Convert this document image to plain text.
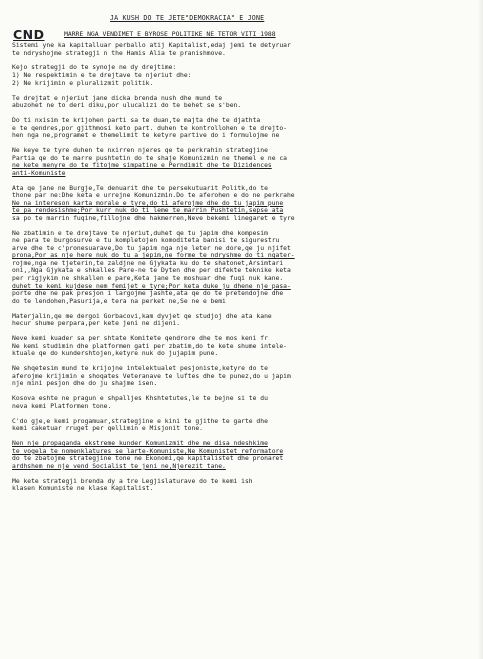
JA KUSH DO TE JETE"DEMOKRACIA" E JONE
CND	MARRE NGA VENDIMET E BYROSE POLITIKE NE TETOR VITI 1988
Sistemi yne ka kapitalluar perballo atij Kapitalist,edaj jemi te detyruar
te ndryshojme strategji n the Hamis Alia te pranishmove.
Kejo strategji do te synoje ne dy drejtime:
1) Ne respektimin e te drejtave te njeriut dhe:
2) Ne krijimin e pluralizmit politik.
Te drejtat e njeriut jane dicka brenda nush dhe mund te
abuzohet ne to deri diku,por ulucalizi do te behet se s'ben.
Do ti nxisim te krijohen parti sa te duan,te majta dhe te djathta
e te qendres,por gjithmosi keto part. duhen te kontrollohen e te drejto-
hen nga ne,programet e themelimit te ketyre partive do i formulojme ne
Ne keye te tyre duhen te nxirren njeres qe te perkrahin strategjine
Partia qe do te marre pushtetin do te shaje Komunizmin ne themel e ne ca
ne kete menyre do te fitojme simpatine e Perndimit dhe te Dizidences
anti-Komuniste
Ata qe jane ne Burgje,Te denuarit dhe te persekutuarit Politk,do te
thone par ne:Dhe keta e urrejne Komunizmin.Do te aferohen e do ne perkrahe
Ne na intereson karta morale e tyre,do ti aferojme dhe do tu japim pune
te pa rendesishme;Por kurr nuk do ti leme te marrin Pushtetin,sepse ata
sa po te marrin fuqine,fillojne dhe hakmerren,Neve bekemi linegaret e tyre
Ne zbatimin e te drejtave te njeriut,duhet qe tu japim dhe kompesim
ne para te burgosurve e tu kompletojen komoditeta banisi te sigurestru
arve dhe te c'pronesuarave,Do tu japim nga nje leter ne dore,qe ju njifet
prona,Por as nje here nuk do tu a jepim,ne forme te ndryshme do ti ngater-
rojme,nga ne tjeterin,te zaldjne ne Gjykata ku do te shatonet,Arsimtari
oni,,Nga Gjykata e shkalles Pare-ne te Dyten dhe per difekte teknike keta
per rigjykim ne shkallen e pare,Keta jane te moshuar dhe fuqi nuk kane.
duhet te kemi kujdese nem femijet e tyre;Por keta duke ju dhene nje pasa-
porte dhe ne pak presjon i largojme jashte,ata qe do te pretendojne dhe
do te lendohen,Pasurija,e tera na perket ne,Se ne e bemi
Materjalin,qe me dergoi Gorbacovi,kam dyvjet qe studjoj dhe ata kane
hecur shume perpara,per kete jeni ne dijeni.
Neve kemi kuader sa per shtate Komitete qendrore dhe te mos keni fr
Ne kemi studimin dhe platformen gati per zbatim,do te kete shume intele-
ktuale qe do kundershtojen,ketyre nuk do jujapim pune.
Ne shqetesim mund te krijojne intelektualet pesjoniste,ketyre do te
aferojme krijimin e shoqates Veteranave te luftes dhe te punez,do u japim
nje mini pesjon dhe do ju shajme isen.
Kosova eshte ne pragun e shpalljes Khshtetutes,le te bejne si te du
neva kemi Platformen tone.
C'do gje,e kemi progamuar,strategjine e kini te gjithe te garte dhe
kemi caketuar rruget per qellimin e Misjonit tone.
Nen nje propaganda ekstreme kunder Komunizmit dhe me disa ndeshkime
te vogela te nomenklatures se larte-Komuniste,Ne Komunistet reformatore
do te zbatojme strategjine tone ne Ekonomi,qe kapitalistet dhe pronaret
ardhshem ne nje vend Socialist te jeni ne,Njerezit tane.
Me kete strategji brenda dy a tre Legjislaturave do te kemi ish
klasen Komuniste ne klase Kapitalist.
